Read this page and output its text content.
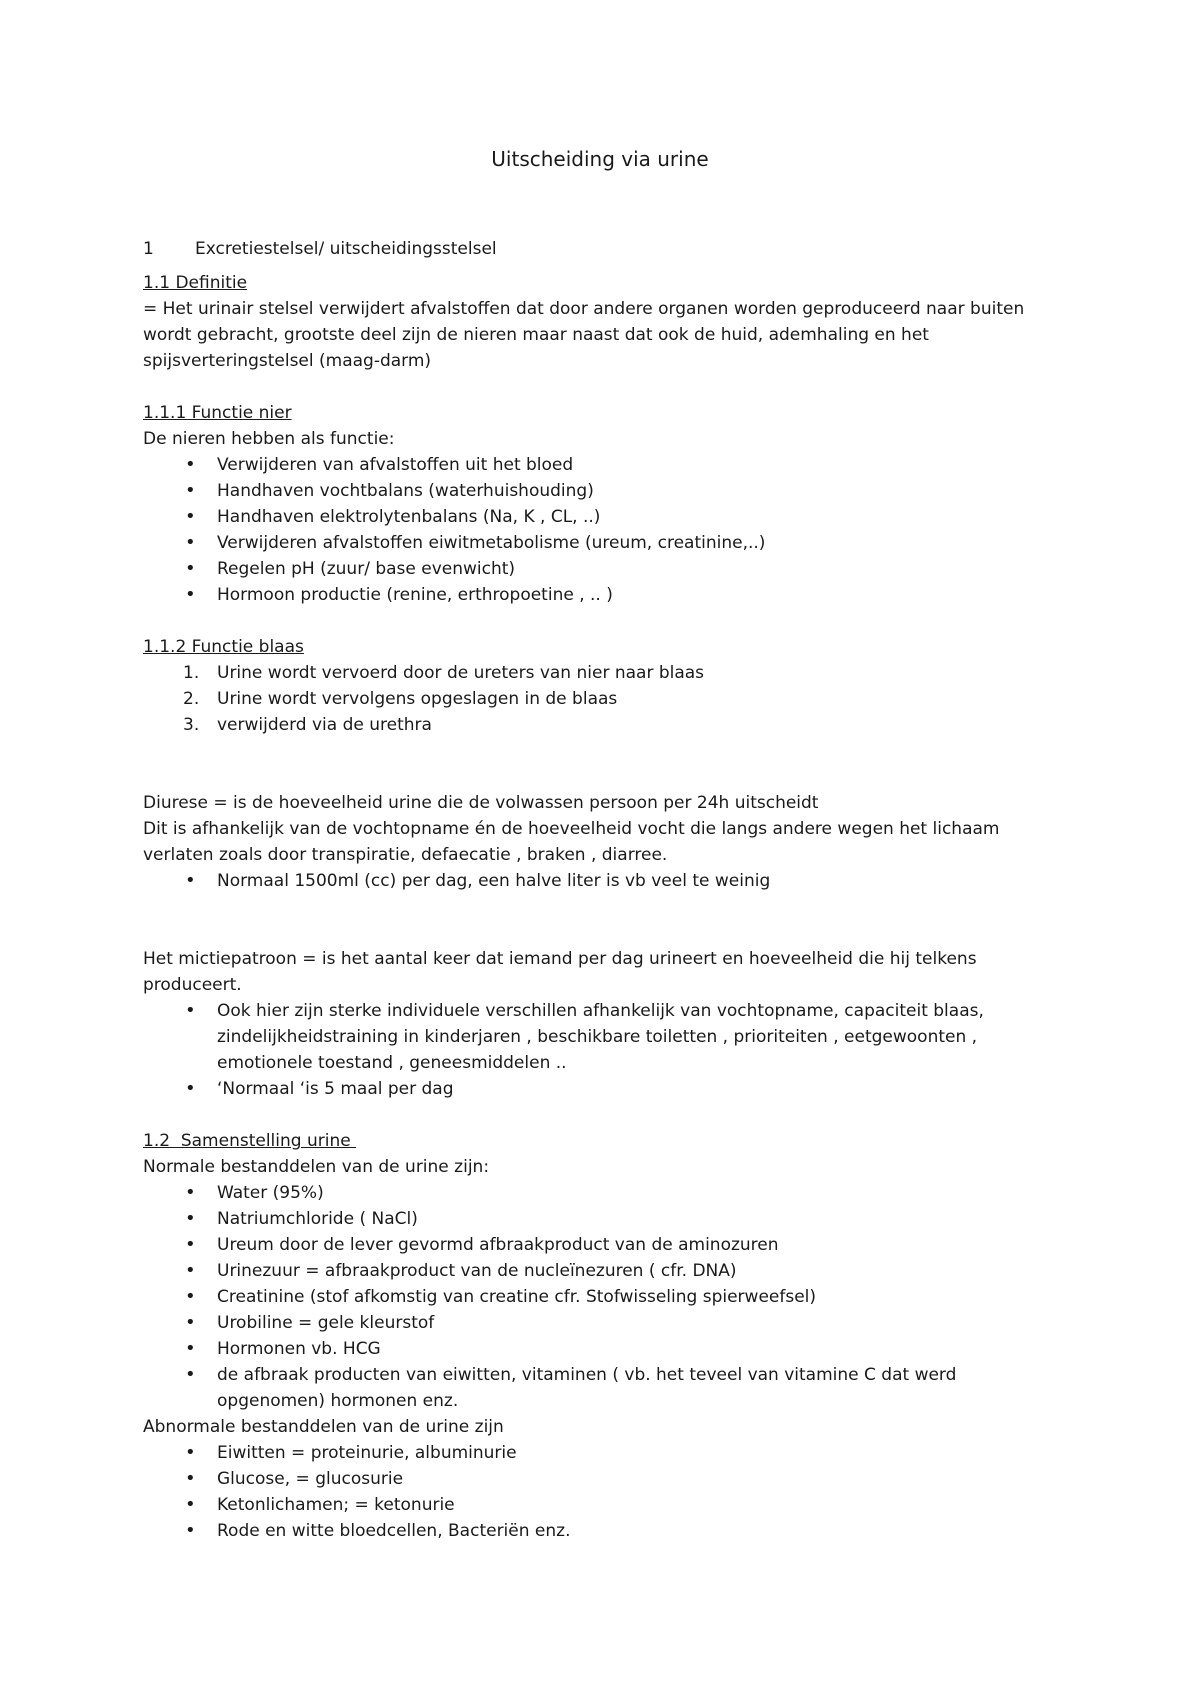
Uitscheiding via urine
1	Excretiestelsel/ uitscheidingsstelsel

1.1 Definitie

= Het urinair stelsel verwijdert afvalstoffen dat door andere organen worden geproduceerd naar buiten wordt gebracht, grootste deel zijn de nieren maar naast dat ook de huid, ademhaling en het spijsverteringstelsel (maag-darm)

1.1.1 Functie nier

De nieren hebben als functie:

• Verwijderen van afvalstoffen uit het bloed
• Handhaven vochtbalans (waterhuishouding)
• Handhaven elektrolytenbalans (Na, K , CL, ..)
• Verwijderen afvalstoffen eiwitmetabolisme (ureum, creatinine,..)
• Regelen pH (zuur/ base evenwicht)
• Hormoon productie (renine, erthropoetine , .. )

1.1.2 Functie blaas

1. Urine wordt vervoerd door de ureters van nier naar blaas
2. Urine wordt vervolgens opgeslagen in de blaas
3. verwijderd via de urethra

Diurese = is de hoeveelheid urine die de volwassen persoon per 24h uitscheidt

Dit is afhankelijk van de vochtopname én de hoeveelheid vocht die langs andere wegen het lichaam verlaten zoals door transpiratie, defaecatie , braken , diarree.

• Normaal 1500ml (cc) per dag, een halve liter is vb veel te weinig

Het mictiepatroon = is het aantal keer dat iemand per dag urineert en hoeveelheid die hij telkens produceert.

• Ook hier zijn sterke individuele verschillen afhankelijk van vochtopname, capaciteit blaas, zindelijkheidstraining in kinderjaren , beschikbare toiletten , prioriteiten , eetgewoonten , emotionele toestand , geneesmiddelen ..
• ‘Normaal ‘is 5 maal per dag

1.2  Samenstelling urine

Normale bestanddelen van de urine zijn:

• Water (95%)
• Natriumchloride ( NaCl)
• Ureum door de lever gevormd afbraakproduct van de aminozuren
• Urinezuur = afbraakproduct van de nucleïnezuren ( cfr. DNA)
• Creatinine (stof afkomstig van creatine cfr. Stofwisseling spierweefsel)
• Urobiline = gele kleurstof
• Hormonen vb. HCG
• de afbraak producten van eiwitten, vitaminen ( vb. het teveel van vitamine C dat werd opgenomen) hormonen enz.

Abnormale bestanddelen van de urine zijn

• Eiwitten = proteinurie, albuminurie
• Glucose, = glucosurie
• Ketonlichamen; = ketonurie
• Rode en witte bloedcellen, Bacteriën enz.
